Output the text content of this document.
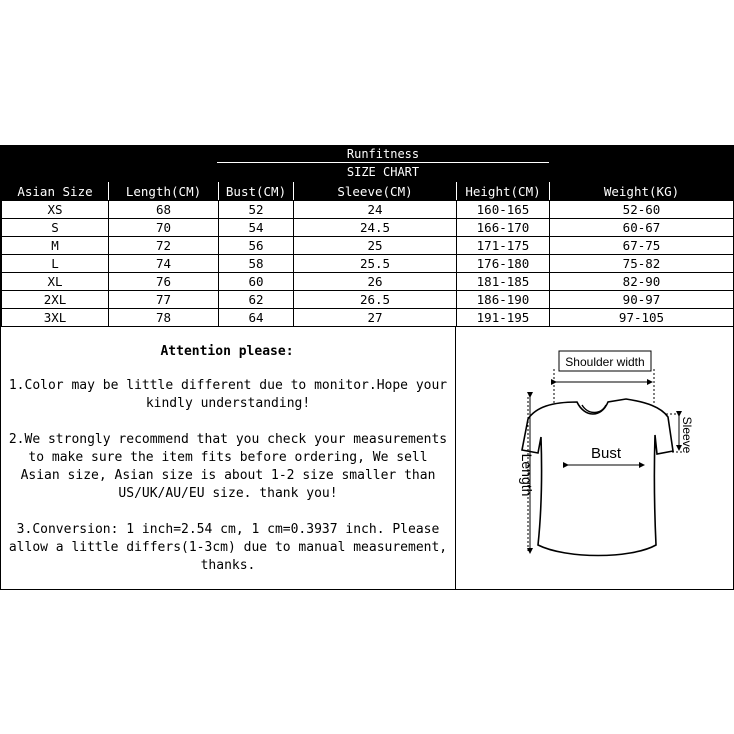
Runfitness
SIZE CHART
Asian Size	Length(CM)	Bust(CM)	Sleeve(CM)	Height(CM)	Weight(KG)
XS	68	52	24	160-165	52-60
S	70	54	24.5	166-170	60-67
M	72	56	25	171-175	67-75
L	74	58	25.5	176-180	75-82
XL	76	60	26	181-185	82-90
2XL	77	62	26.5	186-190	90-97
3XL	78	64	27	191-195	97-105
Attention please:

1.Color may be little different due to monitor.Hope your
kindly understanding!

2.We strongly recommend that you check your measurements
to make sure the item fits before ordering, We sell
Asian size, Asian size is about 1-2 size smaller than
US/UK/AU/EU size. thank you!

3.Conversion: 1 inch=2.54 cm, 1 cm=0.3937 inch. Please
allow a little differs(1-3cm) due to manual measurement,
thanks.

Shoulder width
Bust
Length
Sleeve
